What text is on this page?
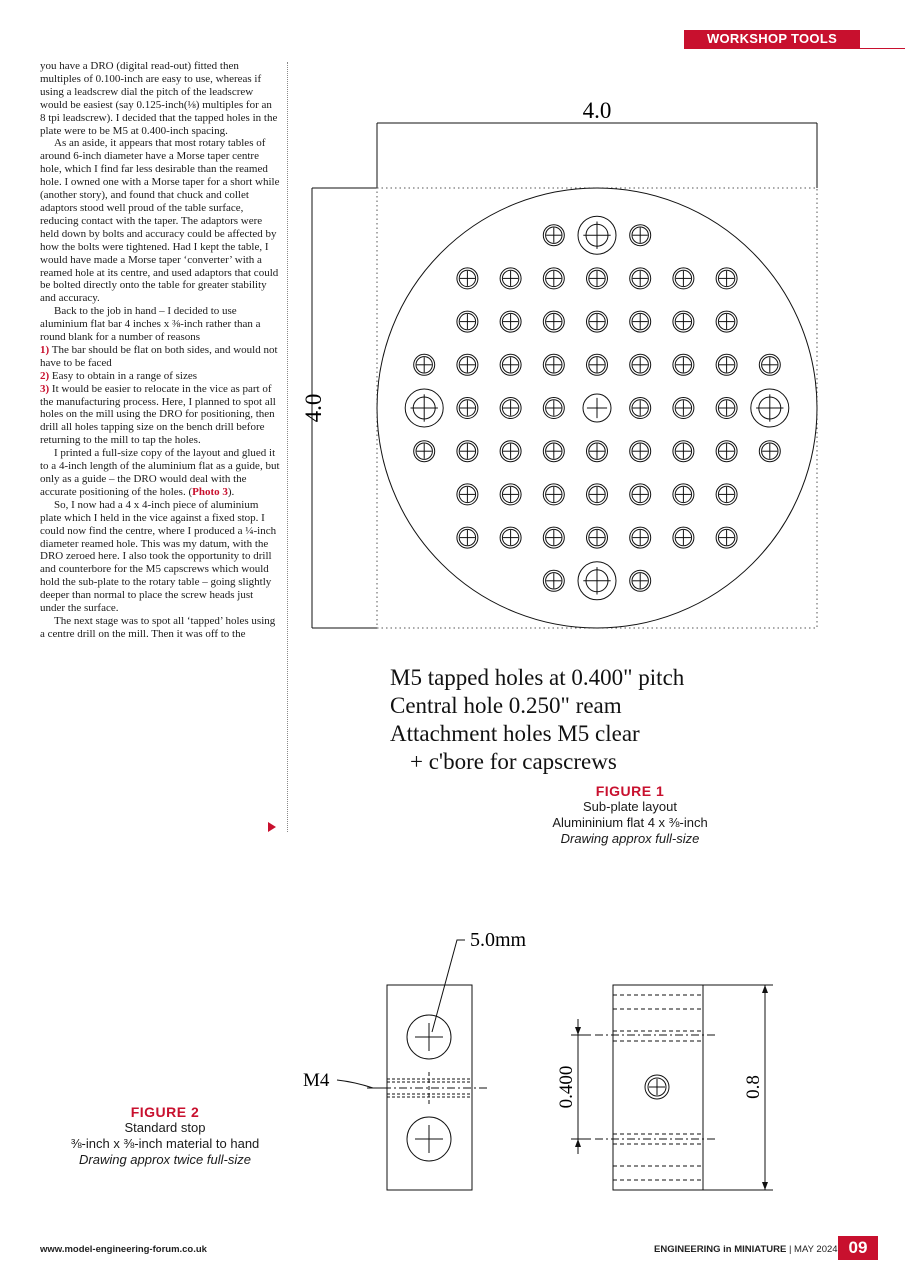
WORKSHOP TOOLS

you have a DRO (digital read-out) fitted then multiples of 0.100-inch are easy to use, whereas if using a leadscrew dial the pitch of the leadscrew would be easiest (say 0.125-inch(⅛) multiples for an 8 tpi leadscrew). I decided that the tapped holes in the plate were to be M5 at 0.400-inch spacing.

As an aside, it appears that most rotary tables of around 6-inch diameter have a Morse taper centre hole, which I find far less desirable than the reamed hole. I owned one with a Morse taper for a short while (another story), and found that chuck and collet adaptors stood well proud of the table surface, reducing contact with the taper. The adaptors were held down by bolts and accuracy could be affected by how the bolts were tightened. Had I kept the table, I would have made a Morse taper ‘converter’ with a reamed hole at its centre, and used adaptors that could be bolted directly onto the table for greater stability and accuracy.

Back to the job in hand – I decided to use aluminium flat bar 4 inches x ⅜-inch rather than a round blank for a number of reasons

1) The bar should be flat on both sides, and would not have to be faced

2) Easy to obtain in a range of sizes

3) It would be easier to relocate in the vice as part of the manufacturing process. Here, I planned to spot all holes on the mill using the DRO for positioning, then drill all holes tapping size on the bench drill before returning to the mill to tap the holes.

I printed a full-size copy of the layout and glued it to a 4-inch length of the aluminium flat as a guide, but only as a guide – the DRO would deal with the accurate positioning of the holes. (Photo 3).

So, I now had a 4 x 4-inch piece of aluminium plate which I held in the vice against a fixed stop. I could now find the centre, where I produced a ¼-inch diameter reamed hole. This was my datum, with the DRO zeroed here. I also took the opportunity to drill and counterbore for the M5 capscrews which would hold the sub-plate to the rotary table – going slightly deeper than normal to place the screw heads just under the surface.

The next stage was to spot all ‘tapped’ holes using a centre drill on the mill. Then it was off to the

4.0
4.0
M5 tapped holes at 0.400" pitch
Central hole 0.250" ream
Attachment holes M5 clear
+ c'bore for capscrews
FIGURE 1
Sub-plate layout
Alumininium flat 4 x ⅜-inch
Drawing approx full-size
FIGURE 2
Standard stop
⅜-inch x ⅜-inch material to hand
Drawing approx twice full-size
5.0mm
M4	0.400	0.8
www.model-engineering-forum.co.uk	ENGINEERING in MINIATURE | MAY 2024 09
